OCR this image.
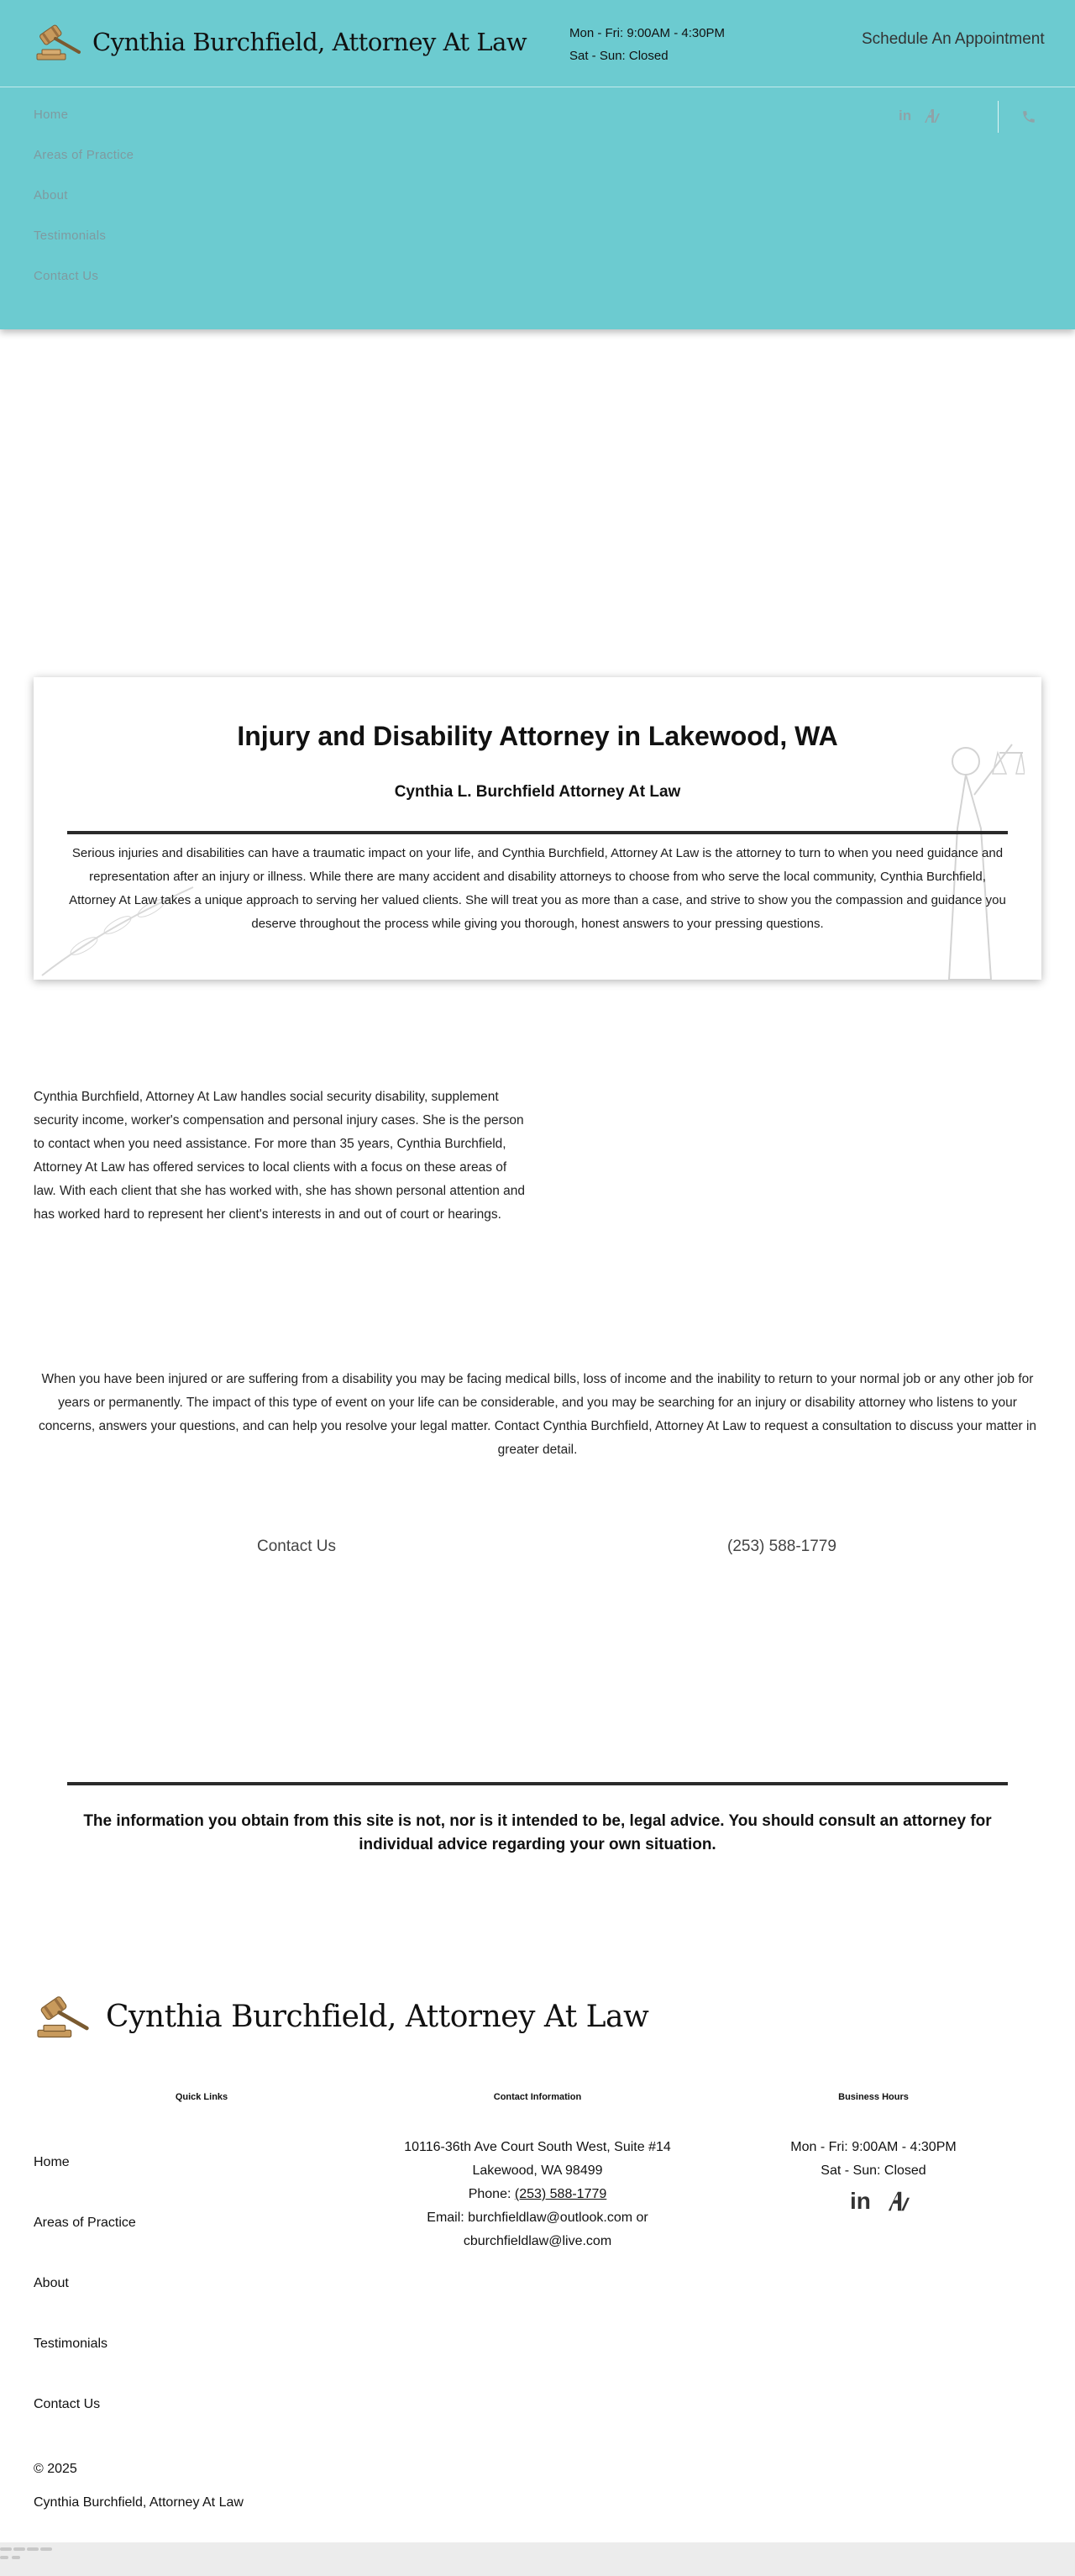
Cynthia Burchfield, Attorney At Law	Mon - Fri: 9:00AM - 4:30PM
Sat - Sun: Closed
Schedule An Appointment
Home
Areas of Practice
About
Testimonials
Contact Us
in
Injury and Disability Attorney in Lakewood, WA
Cynthia L. Burchfield Attorney At Law

Serious injuries and disabilities can have a traumatic impact on your life, and Cynthia Burchfield, Attorney At Law is the attorney to turn to when you need guidance and representation after an injury or illness. While there are many accident and disability attorneys to choose from who serve the local community, Cynthia Burchfield, Attorney At Law takes a unique approach to serving her valued clients. She will treat you as more than a case, and strive to show you the compassion and guidance you deserve throughout the process while giving you thorough, honest answers to your pressing questions.

Cynthia Burchfield, Attorney At Law handles social security disability, supplement security income, worker's compensation and personal injury cases. She is the person to contact when you need assistance. For more than 35 years, Cynthia Burchfield, Attorney At Law has offered services to local clients with a focus on these areas of law. With each client that she has worked with, she has shown personal attention and has worked hard to represent her client's interests in and out of court or hearings.

When you have been injured or are suffering from a disability you may be facing medical bills, loss of income and the inability to return to your normal job or any other job for years or permanently. The impact of this type of event on your life can be considerable, and you may be searching for an injury or disability attorney who listens to your concerns, answers your questions, and can help you resolve your legal matter. Contact Cynthia Burchfield, Attorney At Law to request a consultation to discuss your matter in greater detail.

Contact Us	(253) 588-1779

The information you obtain from this site is not, nor is it intended to be, legal advice. You should consult an attorney for individual advice regarding your own situation.

Cynthia Burchfield, Attorney At Law
Quick Links	Contact Information	Business Hours
Home
Areas of Practice
About
Testimonials
Contact Us
10116-36th Ave Court South West, Suite #14
Lakewood, WA 98499
Phone: (253) 588-1779
Email: burchfieldlaw@outlook.com or
cburchfieldlaw@live.com
Mon - Fri: 9:00AM - 4:30PM
Sat - Sun: Closed
in
© 2025
Cynthia Burchfield, Attorney At Law
